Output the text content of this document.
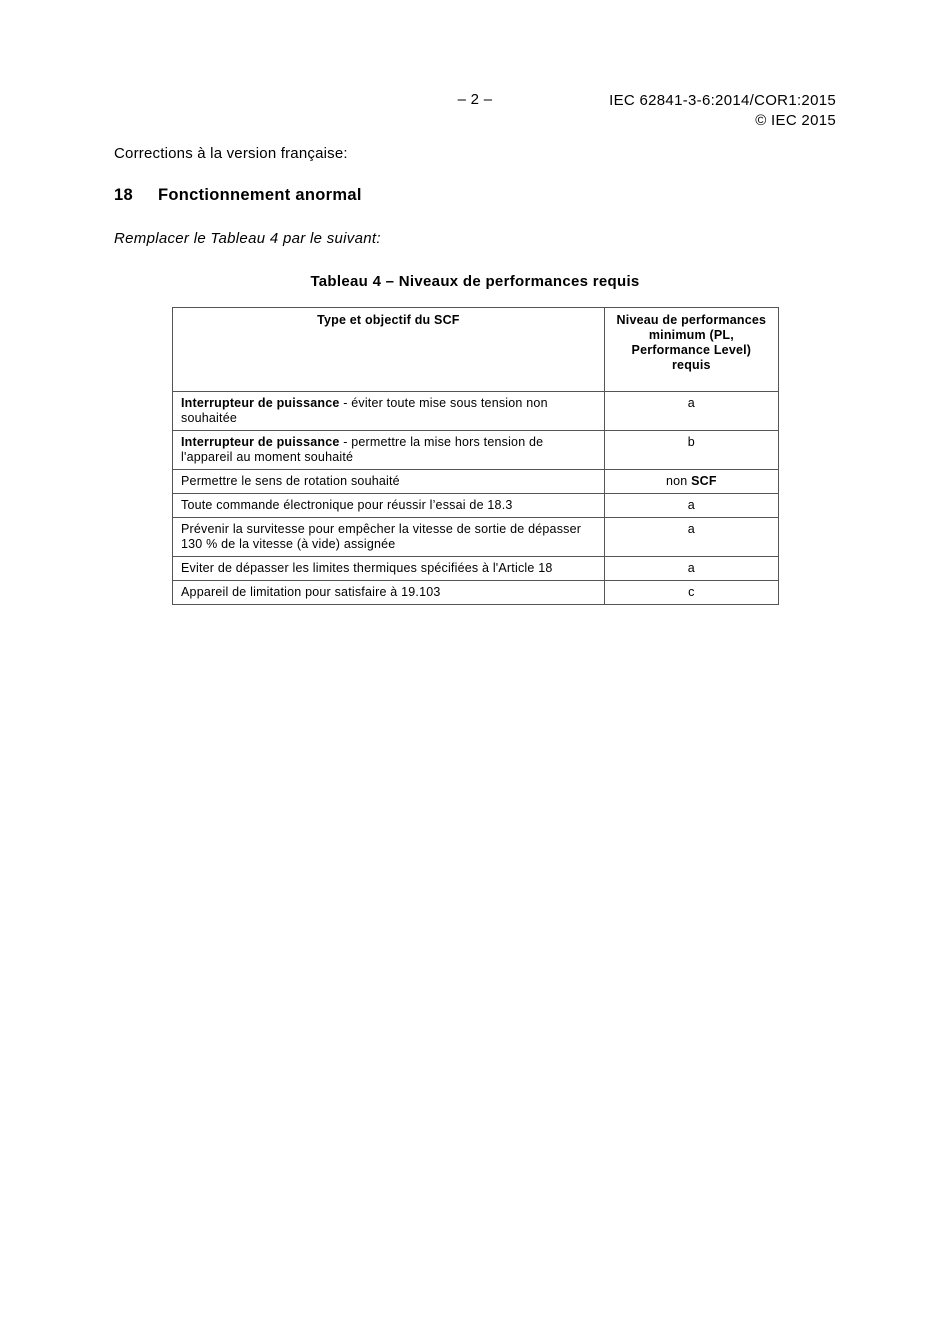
– 2 –	IEC 62841-3-6:2014/COR1:2015
© IEC 2015
Corrections à la version française:
18 Fonctionnement anormal
Remplacer le Tableau 4 par le suivant:
Tableau 4 – Niveaux de performances requis
Type et objectif du SCF	Niveau de performances minimum (PL, Performance Level) requis
Interrupteur de puissance - éviter toute mise sous tension non souhaitée	a
Interrupteur de puissance - permettre la mise hors tension de l'appareil au moment souhaité	b
Permettre le sens de rotation souhaité	non SCF
Toute commande électronique pour réussir l’essai de 18.3	a
Prévenir la survitesse pour empêcher la vitesse de sortie de dépasser 130 % de la vitesse (à vide) assignée	a
Eviter de dépasser les limites thermiques spécifiées à l'Article 18	a
Appareil de limitation pour satisfaire à 19.103	c
